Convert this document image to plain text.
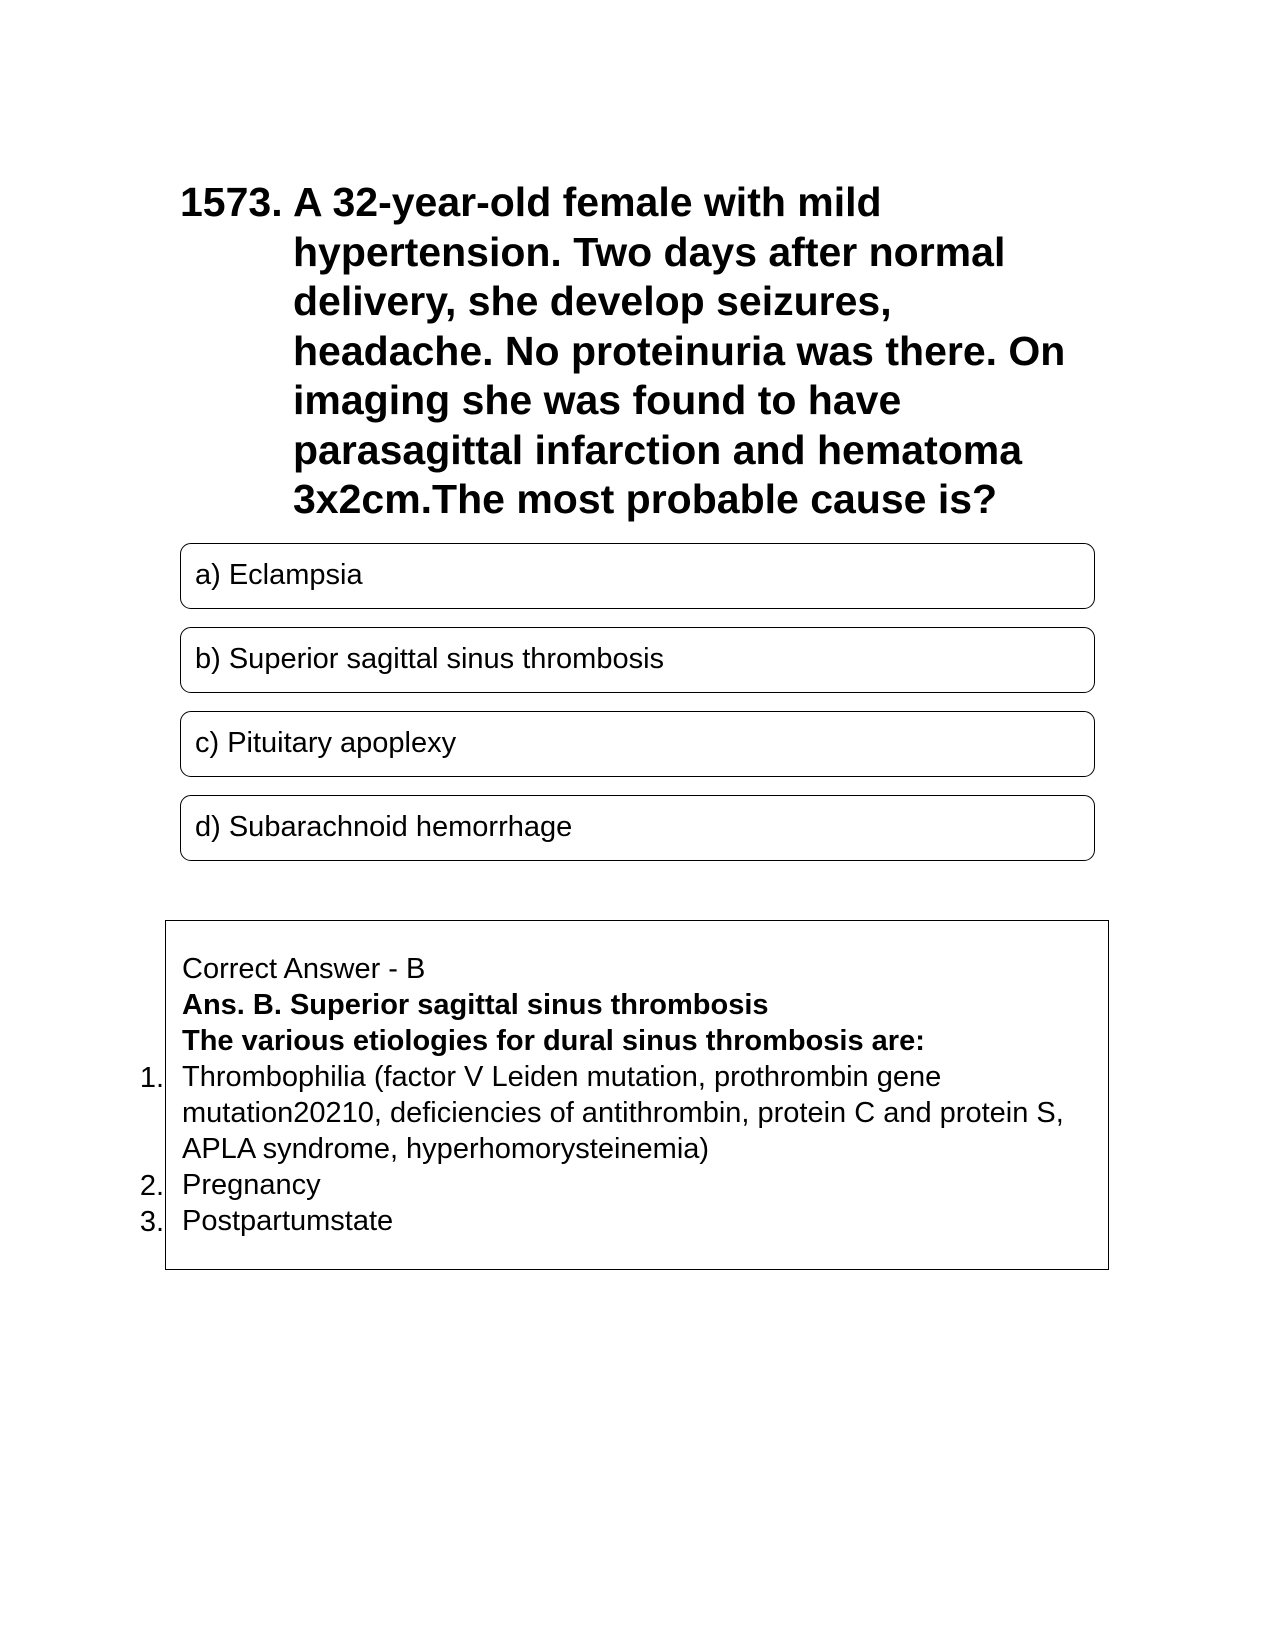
1573. A 32-year-old female with mild hypertension. Two days after normal delivery, she develop seizures, headache. No proteinuria was there. On imaging she was found to have parasagittal infarction and hematoma 3x2cm.The most probable cause is?
a) Eclampsia
b) Superior sagittal sinus thrombosis
c) Pituitary apoplexy
d) Subarachnoid hemorrhage
Correct Answer - B
Ans. B. Superior sagittal sinus thrombosis
The various etiologies for dural sinus thrombosis are:
Thrombophilia (factor V Leiden mutation, prothrombin gene mutation20210, deficiencies of antithrombin, protein C and protein S, APLA syndrome, hyperhomorysteinemia)
Pregnancy
Postpartumstate
1.
2.
3.
